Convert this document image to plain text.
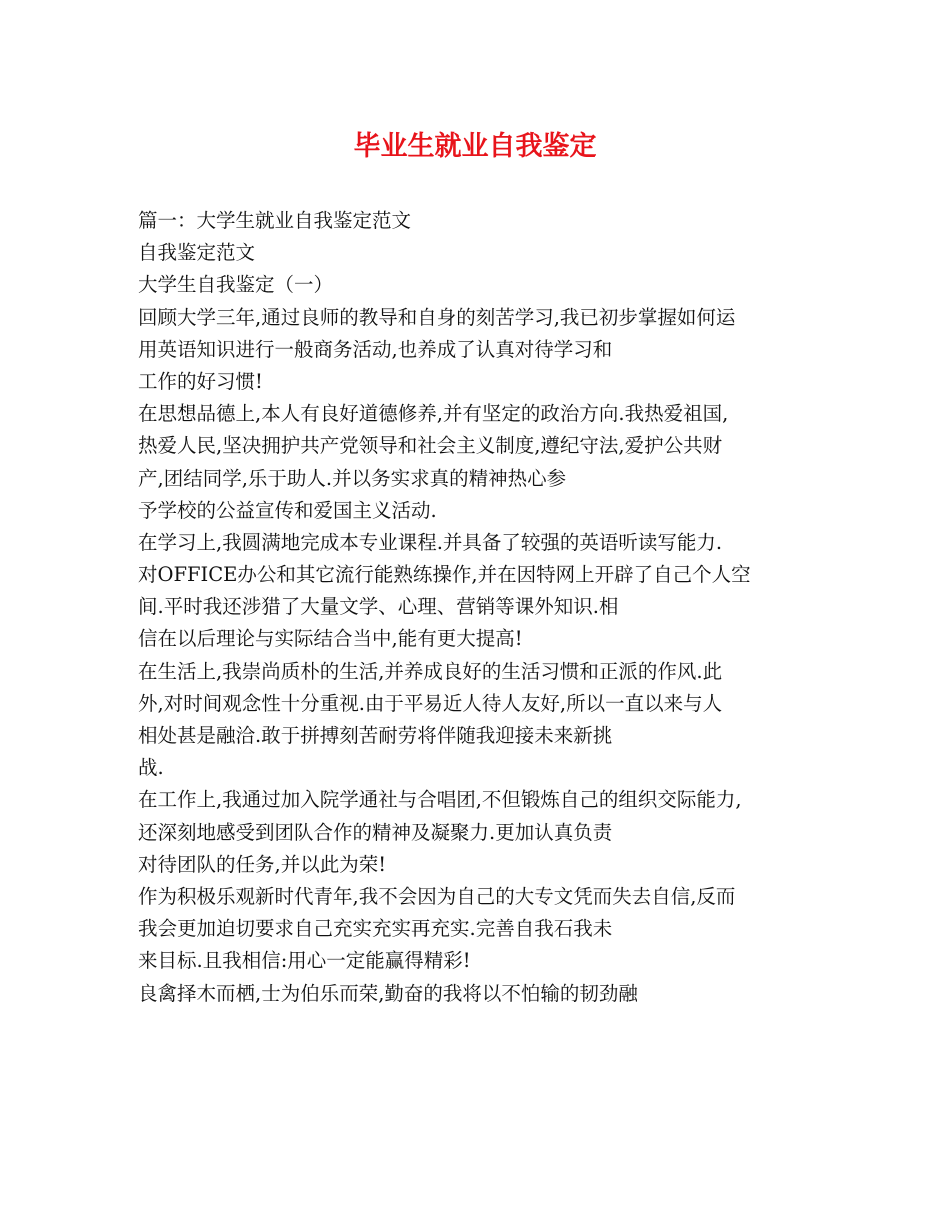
毕业生就业自我鉴定
篇一：大学生就业自我鉴定范文
自我鉴定范文
大学生自我鉴定（一）
回顾大学三年,通过良师的教导和自身的刻苦学习,我已初步掌握如何运
用英语知识进行一般商务活动,也养成了认真对待学习和
工作的好习惯!
在思想品德上,本人有良好道德修养,并有坚定的政治方向.我热爱祖国,
热爱人民,坚决拥护共产党领导和社会主义制度,遵纪守法,爱护公共财
产,团结同学,乐于助人.并以务实求真的精神热心参
予学校的公益宣传和爱国主义活动.
在学习上,我圆满地完成本专业课程.并具备了较强的英语听读写能力.
对OFFICE办公和其它流行能熟练操作,并在因特网上开辟了自己个人空
间.平时我还涉猎了大量文学、心理、营销等课外知识.相
信在以后理论与实际结合当中,能有更大提高!
在生活上,我崇尚质朴的生活,并养成良好的生活习惯和正派的作风.此
外,对时间观念性十分重视.由于平易近人待人友好,所以一直以来与人
相处甚是融洽.敢于拼搏刻苦耐劳将伴随我迎接未来新挑
战.
在工作上,我通过加入院学通社与合唱团,不但锻炼自己的组织交际能力,
还深刻地感受到团队合作的精神及凝聚力.更加认真负责
对待团队的任务,并以此为荣!
作为积极乐观新时代青年,我不会因为自己的大专文凭而失去自信,反而
我会更加迫切要求自己充实充实再充实.完善自我石我未
来目标.且我相信:用心一定能赢得精彩!
良禽择木而栖,士为伯乐而荣,勤奋的我将以不怕输的韧劲融
